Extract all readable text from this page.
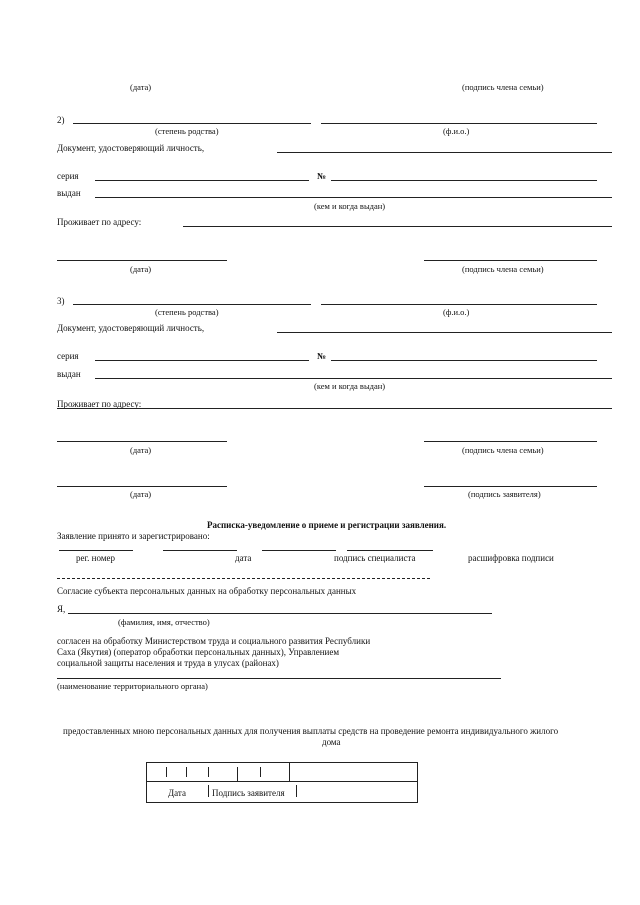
(дата)	(подпись члена семьи)
2)
(степень родства)	(ф.и.о.)
Документ, удостоверяющий личность,
серия	№
выдан
(кем и когда выдан)
Проживает по адресу:
(дата)	(подпись члена семьи)
3)
(степень родства)	(ф.и.о.)
Документ, удостоверяющий личность,
серия	№
выдан
(кем и когда выдан)
Проживает по адресу:
(дата)	(подпись члена семьи)
(дата)	(подпись заявителя)
Расписка-уведомление о приеме и регистрации заявления.
Заявление принято и зарегистрировано:
рег. номер	дата	подпись специалиста	расшифровка подписи
Согласие субъекта персональных данных на обработку персональных данных
Я,
(фамилия, имя, отчество)
согласен на обработку Министерством труда и социального развития Республики
Саха (Якутия) (оператор обработки персональных данных), Управлением
социальной защиты населения и труда в улусах (районах)
(наименование территориального органа)
предоставленных мною персональных данных для получения выплаты средств на проведение ремонта индивидуального жилого
дома
Дата	Подпись заявителя
